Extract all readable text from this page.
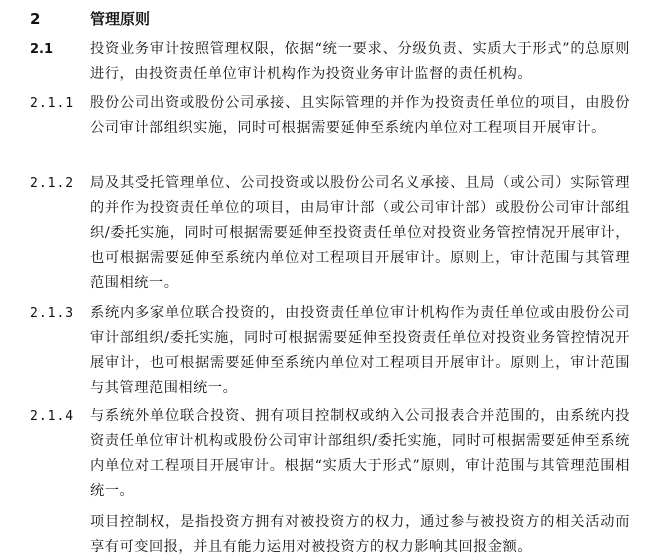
2	管理原则
2.1	投资业务审计按照管理权限，依据“统一要求、分级负责、实质大于形式”的总原则进行，由投资责任单位审计机构作为投资业务审计监督的责任机构。
2.1.1	股份公司出资或股份公司承接、且实际管理的并作为投资责任单位的项目，由股份公司审计部组织实施，同时可根据需要延伸至系统内单位对工程项目开展审计。
2.1.2	局及其受托管理单位、公司投资或以股份公司名义承接、且局（或公司）实际管理的并作为投资责任单位的项目，由局审计部（或公司审计部）或股份公司审计部组织/委托实施，同时可根据需要延伸至投资责任单位对投资业务管控情况开展审计，也可根据需要延伸至系统内单位对工程项目开展审计。原则上，审计范围与其管理范围相统一。
2.1.3	系统内多家单位联合投资的，由投资责任单位审计机构作为责任单位或由股份公司审计部组织/委托实施，同时可根据需要延伸至投资责任单位对投资业务管控情况开展审计，也可根据需要延伸至系统内单位对工程项目开展审计。原则上，审计范围与其管理范围相统一。
2.1.4	与系统外单位联合投资、拥有项目控制权或纳入公司报表合并范围的，由系统内投资责任单位审计机构或股份公司审计部组织/委托实施，同时可根据需要延伸至系统内单位对工程项目开展审计。根据“实质大于形式”原则，审计范围与其管理范围相统一。
项目控制权，是指投资方拥有对被投资方的权力，通过参与被投资方的相关活动而享有可变回报，并且有能力运用对被投资方的权力影响其回报金额。
